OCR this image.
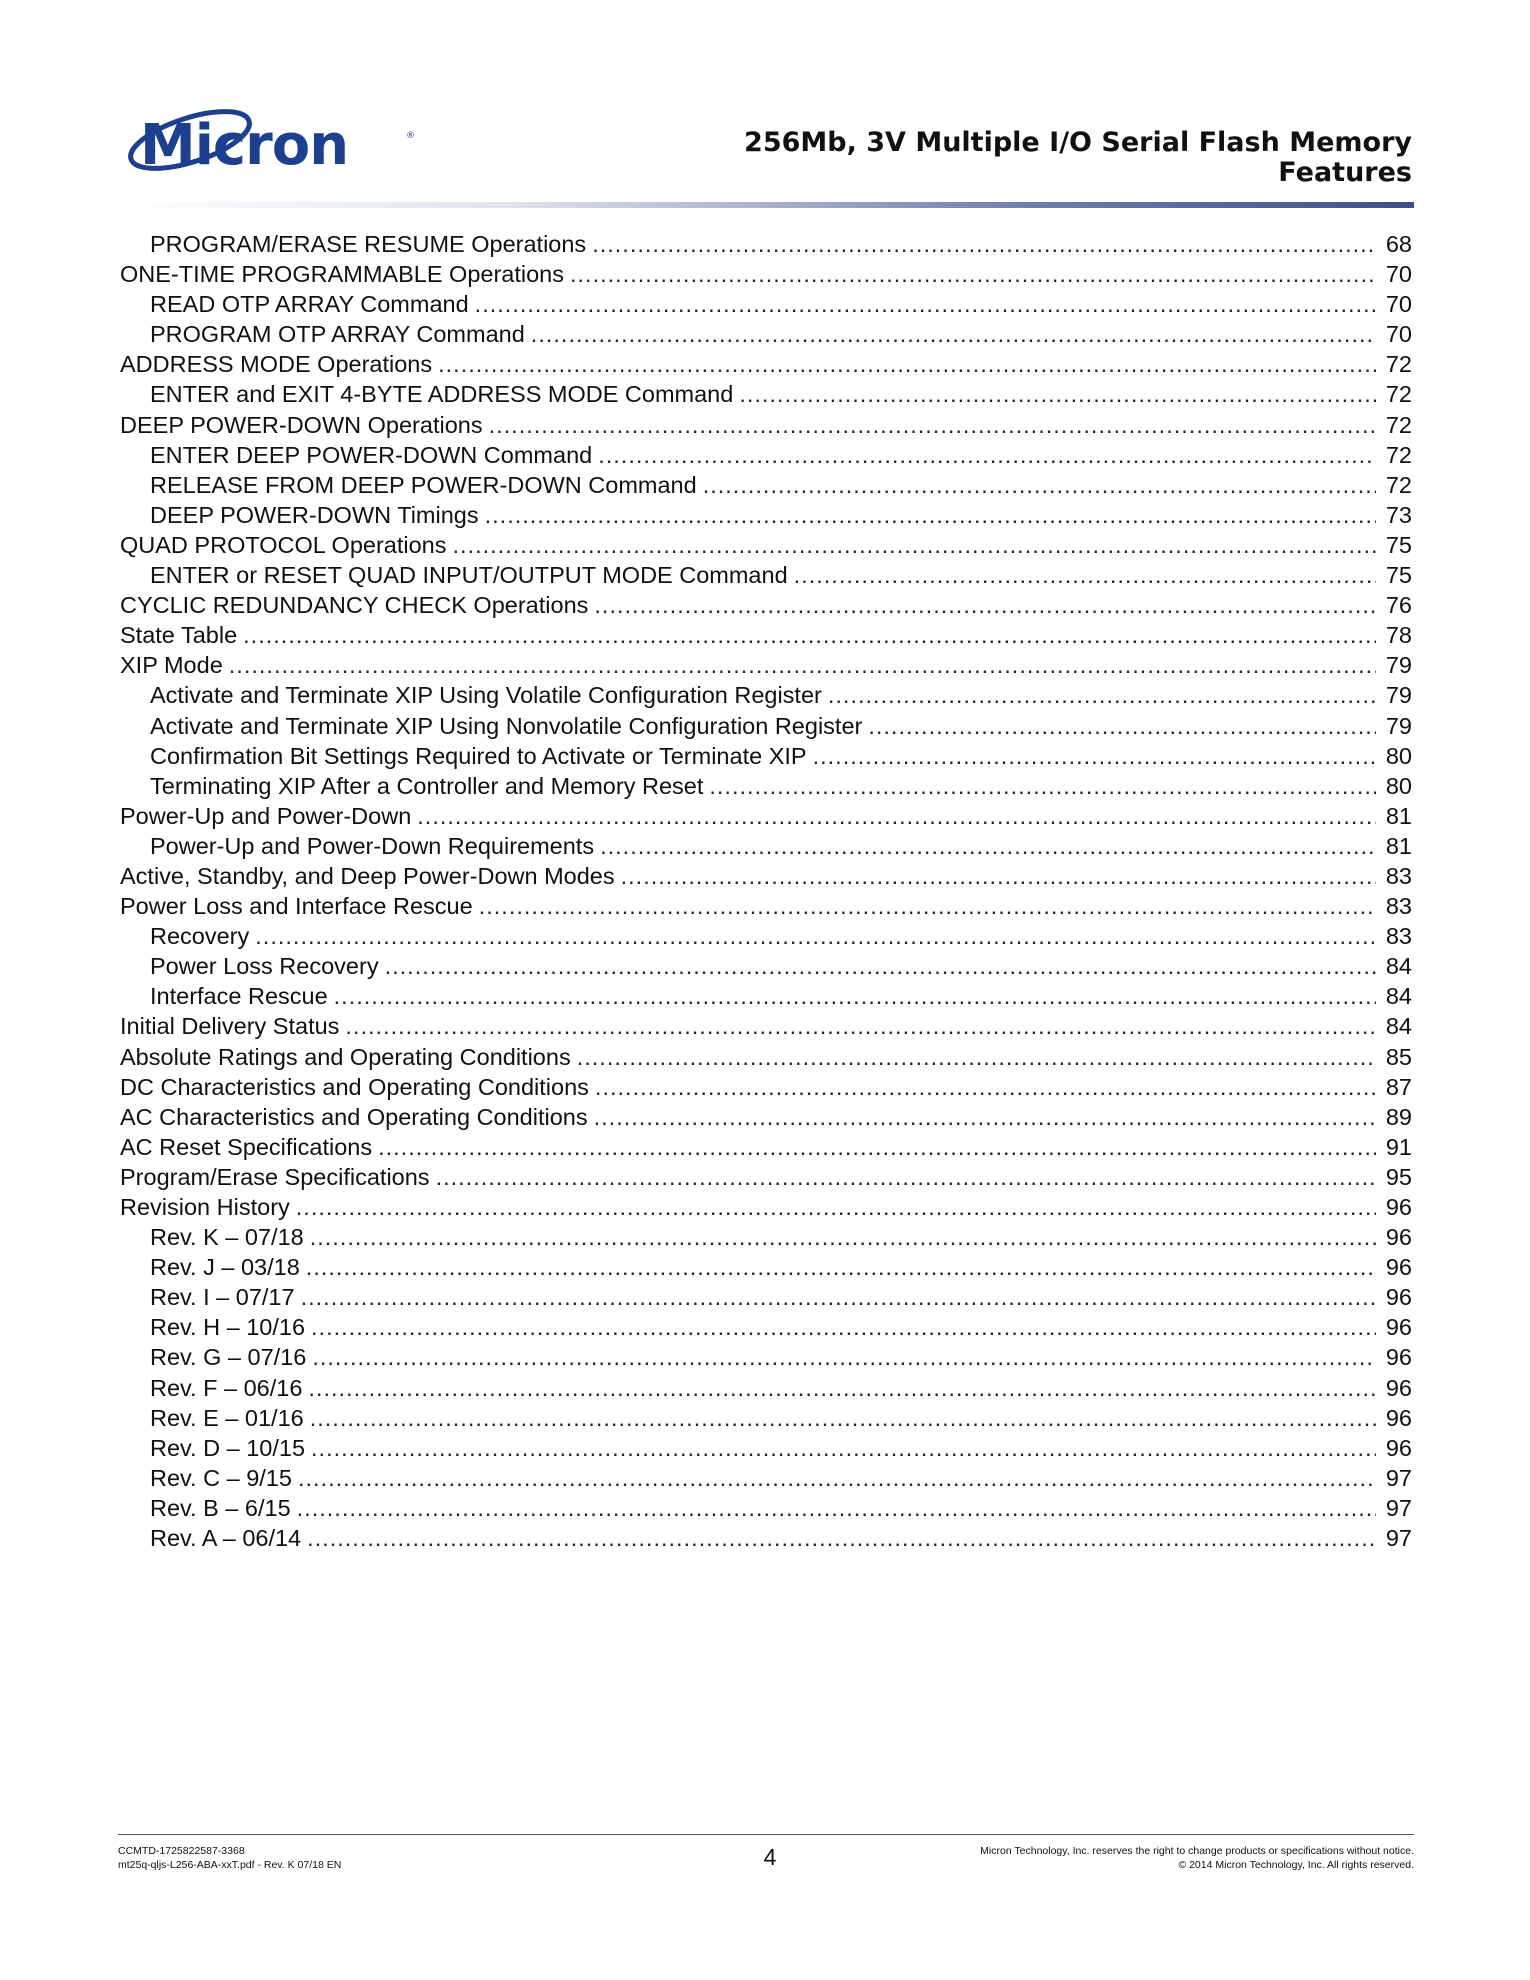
Micron	®	256Mb, 3V Multiple I/O Serial Flash Memory
Features
PROGRAM/ERASE RESUME Operations .....	68
ONE-TIME PROGRAMMABLE Operations .....	70
READ OTP ARRAY Command .....	70
PROGRAM OTP ARRAY Command .....	70
ADDRESS MODE Operations .....	72
ENTER and EXIT 4-BYTE ADDRESS MODE Command .....	72
DEEP POWER-DOWN Operations .....	72
ENTER DEEP POWER-DOWN Command .....	72
RELEASE FROM DEEP POWER-DOWN Command .....	72
DEEP POWER-DOWN Timings .....	73
QUAD PROTOCOL Operations .....	75
ENTER or RESET QUAD INPUT/OUTPUT MODE Command .....	75
CYCLIC REDUNDANCY CHECK Operations .....	76
State Table .....	78
XIP Mode .....	79
Activate and Terminate XIP Using Volatile Configuration Register .....	79
Activate and Terminate XIP Using Nonvolatile Configuration Register .....	79
Confirmation Bit Settings Required to Activate or Terminate XIP .....	80
Terminating XIP After a Controller and Memory Reset .....	80
Power-Up and Power-Down .....	81
Power-Up and Power-Down Requirements .....	81
Active, Standby, and Deep Power-Down Modes .....	83
Power Loss and Interface Rescue .....	83
Recovery .....	83
Power Loss Recovery .....	84
Interface Rescue .....	84
Initial Delivery Status .....	84
Absolute Ratings and Operating Conditions .....	85
DC Characteristics and Operating Conditions .....	87
AC Characteristics and Operating Conditions .....	89
AC Reset Specifications .....	91
Program/Erase Specifications .....	95
Revision History .....	96
Rev. K – 07/18 .....	96
Rev. J – 03/18 .....	96
Rev. I – 07/17 .....	96
Rev. H – 10/16 .....	96
Rev. G – 07/16 .....	96
Rev. F – 06/16 .....	96
Rev. E – 01/16 .....	96
Rev. D – 10/15 .....	96
Rev. C – 9/15 .....	97
Rev. B – 6/15 .....	97
Rev. A – 06/14 .....	97
CCMTD-1725822587-3368
mt25q-qljs-L256-ABA-xxT.pdf - Rev. K 07/18 EN	4	Micron Technology, Inc. reserves the right to change products or specifications without notice.
© 2014 Micron Technology, Inc. All rights reserved.
